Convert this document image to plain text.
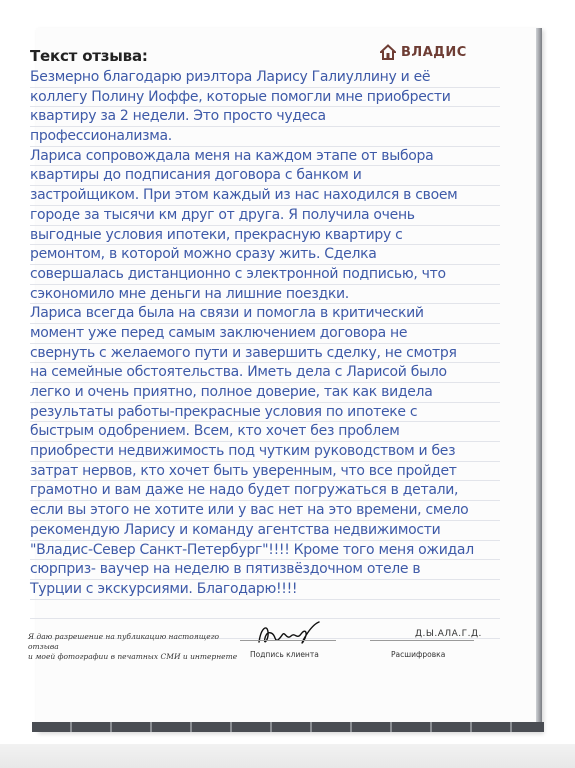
Текст отзыва:	ВЛАДИС
Безмерно благодарю риэлтора Ларису Галиуллину и её
коллегу Полину Иоффе, которые помогли мне приобрести
квартиру за 2 недели. Это просто чудеса
профессионализма.
Лариса сопровождала меня на каждом этапе от выбора
квартиры до подписания договора с банком и
застройщиком. При этом каждый из нас находился в своем
городе за тысячи км друг от друга. Я получила очень
выгодные условия ипотеки, прекрасную квартиру с
ремонтом, в которой можно сразу жить. Сделка
совершалась дистанционно с электронной подписью, что
сэкономило мне деньги на лишние поездки.
Лариса всегда была на связи и помогла в критический
момент уже перед самым заключением договора не
свернуть с желаемого пути и завершить сделку, не смотря
на семейные обстоятельства. Иметь дела с Ларисой было
легко и очень приятно, полное доверие, так как видела
результаты работы-прекрасные условия по ипотеке с
быстрым одобрением. Всем, кто хочет без проблем
приобрести недвижимость под чутким руководством и без
затрат нервов, кто хочет быть уверенным, что все пройдет
грамотно и вам даже не надо будет погружаться в детали,
если вы этого не хотите или у вас нет на это времени, смело
рекомендую Ларису и команду агентства недвижимости
"Владис-Север Санкт-Петербург"!!!! Кроме того меня ожидал
сюрприз- ваучер на неделю в пятизвёздочном отеле в
Турции с экскурсиями. Благодарю!!!!
Я даю разрешение на публикацию настоящего отзыва
и моей фотографии в печатных СМИ и интернете Подпись клиента
Д.Ы.АЛА.Г.Д.
Расшифровка
